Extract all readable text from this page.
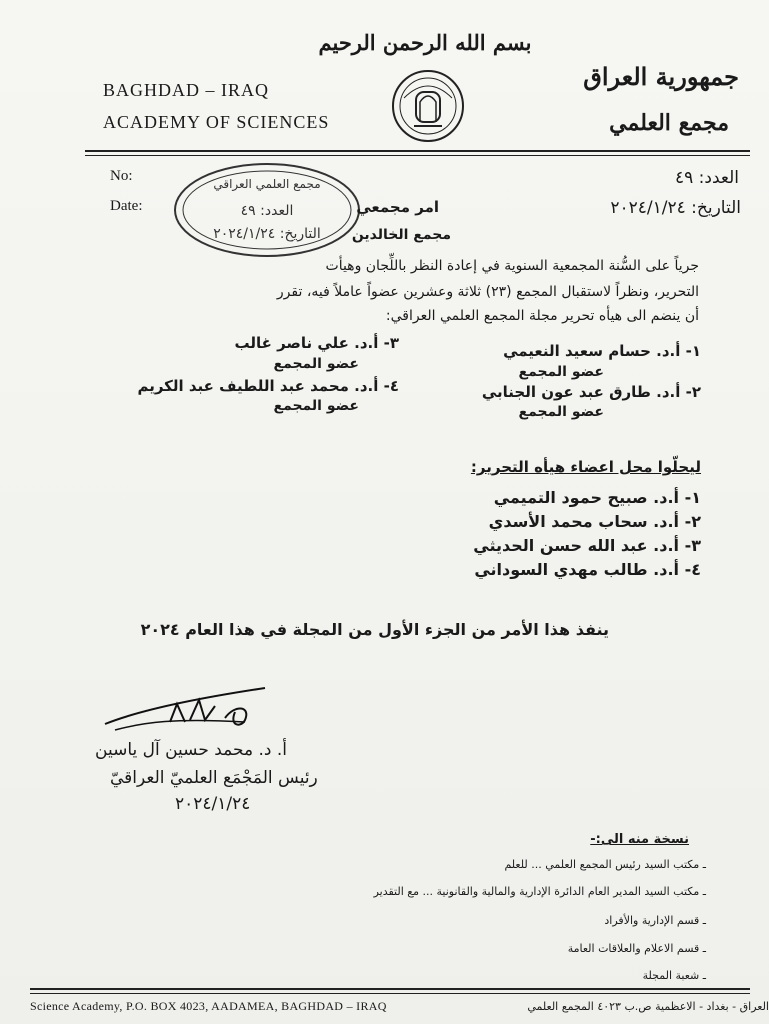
بسم الله الرحمن الرحيم
BAGHDAD – IRAQ
ACADEMY OF SCIENCES
جمهورية العراق
مجمع العلمي
No:
Date:
مجمع العلمي العراقي
العدد: ٤٩
التاريخ: ٢٠٢٤/١/٢٤
العدد: ٤٩
التاريخ: ٢٠٢٤/١/٢٤
امر مجمعي
مجمع الخالدين
جرياً على السُّنة المجمعية السنوية في إعادة النظر باللِّجان وهيأت
التحرير، ونظراً لاستقبال المجمع (٢٣) ثلاثة وعشرين عضواً عاملاً فيه، تقرر
أن ينضم الى هيأه تحرير مجلة المجمع العلمي العراقي:
١- أ.د. حسام سعيد النعيمي
عضو المجمع
٢- أ.د. طارق عبد عون الجنابي
عضو المجمع
٣- أ.د. علي ناصر غالب
عضو المجمع
٤- أ.د. محمد عبد اللطيف عبد الكريم
عضو المجمع
ليحلّوا محل اعضاء هيأه التحرير:
١- أ.د. صبيح حمود التميمي
٢- أ.د. سحاب محمد الأسدي
٣- أ.د. عبد الله حسن الحديثي
٤- أ.د. طالب مهدي السوداني
ينفذ هذا الأمر من الجزء الأول من المجلة في هذا العام ٢٠٢٤
أ. د. محمد حسين آل ياسين
رئيس المَجْمَع العلميّ العراقيّ
٢٠٢٤/١/٢٤
نسخة منه الى:-
ـ مكتب السيد رئيس المجمع العلمي ... للعلم
ـ مكتب السيد المدير العام الدائرة الإدارية والمالية والقانونية ... مع التقدير
ـ قسم الإدارية والأفراد
ـ قسم الاعلام والعلاقات العامة
ـ شعبة المجلة
Science Academy, P.O. BOX 4023, AADAMEA, BAGHDAD – IRAQ	العراق - بغداد - الاعظمية ص.ب ٤٠٢٣ المجمع العلمي
